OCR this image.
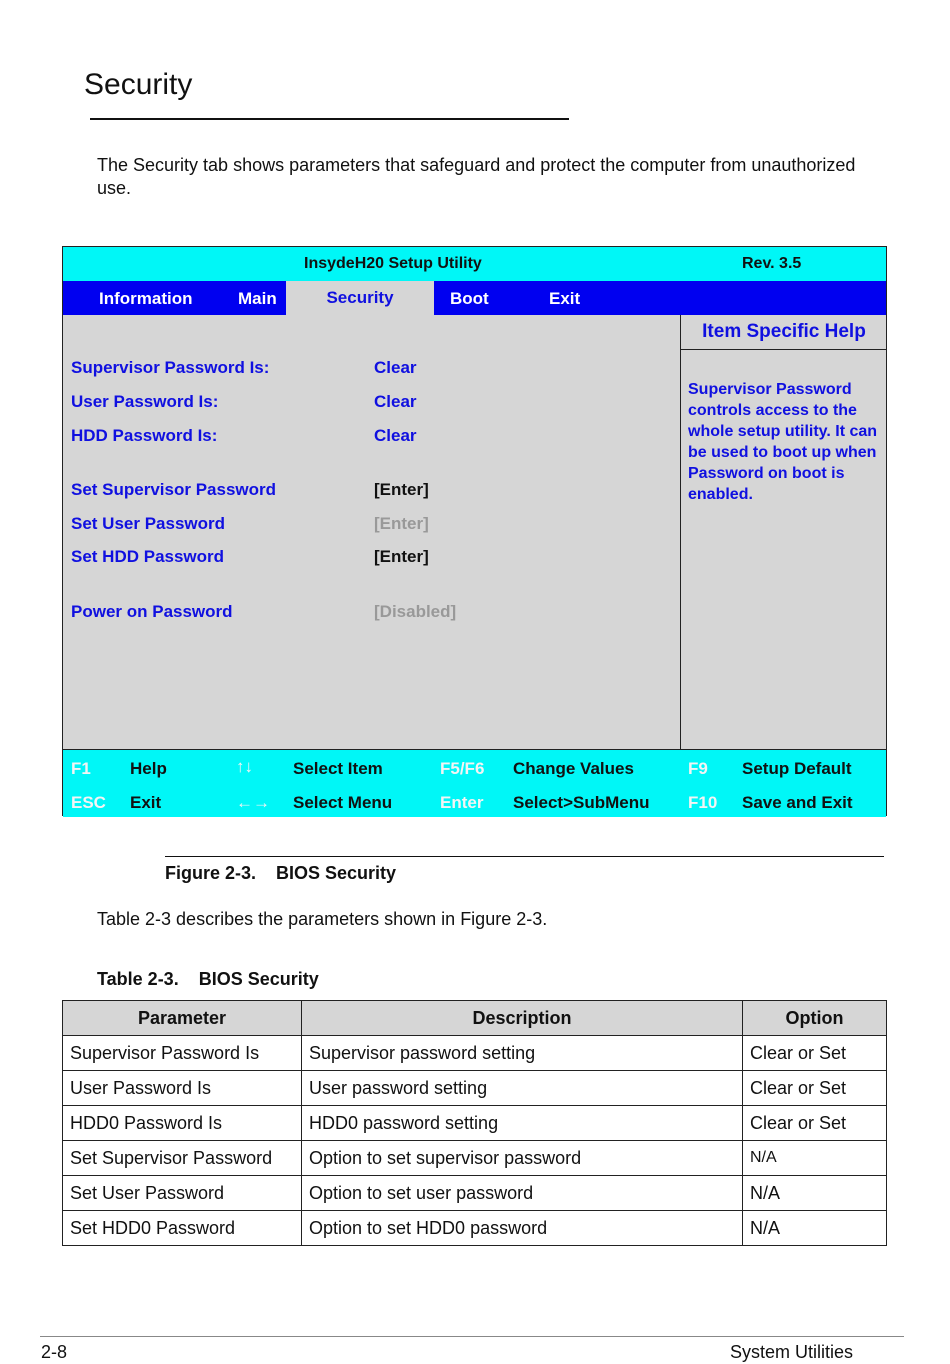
Security
The Security tab shows parameters that safeguard and protect the computer from unauthorized use.
InsydeH20 Setup Utility	Rev. 3.5
Information	Main	Security	Boot	Exit
Item Specific Help
Supervisor Password controls access to the whole setup utility. It can be used to boot up when Password on boot is enabled.
Supervisor Password Is:	Clear
User Password Is:	Clear
HDD Password Is:	Clear
Set Supervisor Password	[Enter]
Set User Password	[Enter]
Set HDD Password	[Enter]
Power on Password	[Disabled]
F1 Help	↑↓ Select Item	F5/F6 Change Values	F9 Setup Default
ESC Exit	←→ Select Menu	Enter Select>SubMenu F10 Save and Exit
Figure 2-3.    BIOS Security
Table 2-3 describes the parameters shown in Figure 2-3.
Table 2-3.    BIOS Security
Parameter	Description	Option
Supervisor Password Is	Supervisor password setting	Clear or Set
User Password Is	User password setting	Clear or Set
HDD0 Password Is	HDD0 password setting	Clear or Set
Set Supervisor Password	Option to set supervisor password	N/A
Set User Password	Option to set user password	N/A
Set HDD0 Password	Option to set HDD0 password	N/A
2-8	System Utilities
